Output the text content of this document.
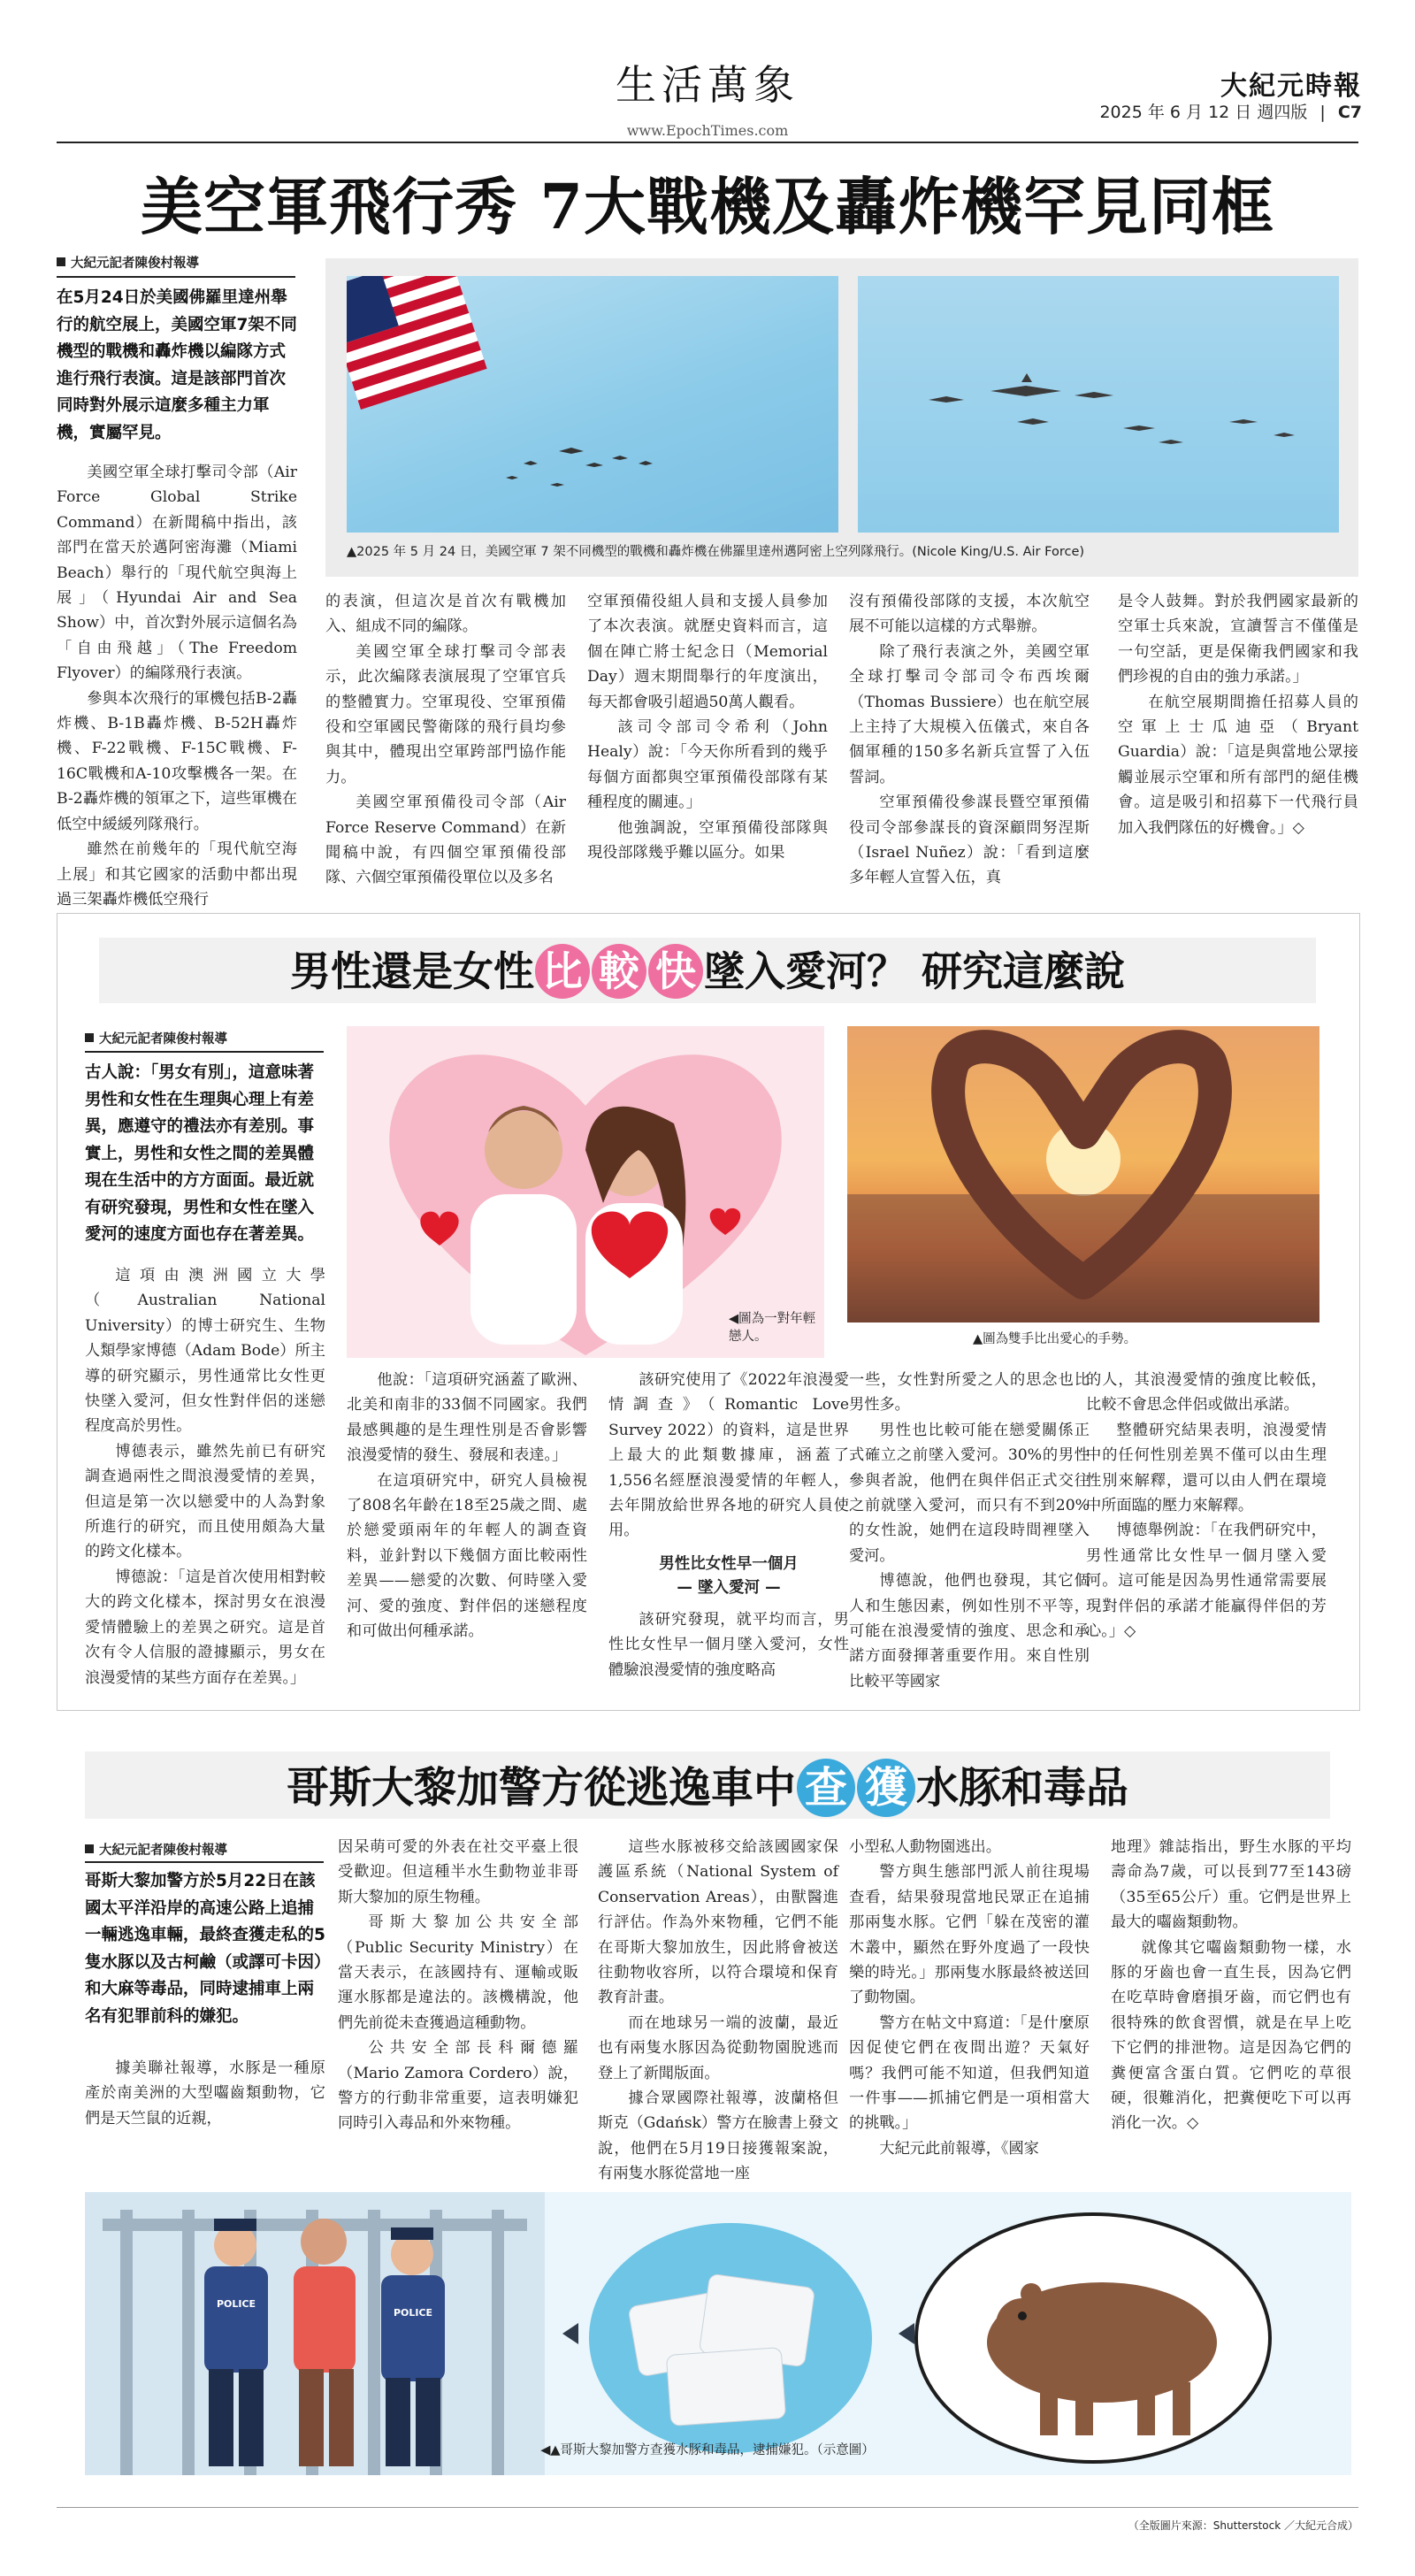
生活萬象
www.EpochTimes.com
大紀元時報
2025 年 6 月 12 日 週四版 | C7
美空軍飛行秀 7大戰機及轟炸機罕見同框
大紀元記者陳俊村報導
在5月24日於美國佛羅里達州舉行的航空展上，美國空軍7架不同機型的戰機和轟炸機以編隊方式進行飛行表演。這是該部門首次同時對外展示這麼多種主力軍機，實屬罕見。
▲2025 年 5 月 24 日，美國空軍 7 架不同機型的戰機和轟炸機在佛羅里達州邁阿密上空列隊飛行。(Nicole King/U.S. Air Force)

美國空軍全球打擊司令部（Air Force Global Strike Command）在新聞稿中指出，該部門在當天於邁阿密海灘（Miami Beach）舉行的「現代航空與海上展」（Hyundai Air and Sea Show）中，首次對外展示這個名為「自由飛越」（The Freedom Flyover）的編隊飛行表演。

參與本次飛行的軍機包括B-2轟炸機、B-1B轟炸機、B-52H轟炸機、F-22戰機、F-15C戰機、F-16C戰機和A-10攻擊機各一架。在B-2轟炸機的領軍之下，這些軍機在低空中緩緩列隊飛行。

雖然在前幾年的「現代航空海上展」和其它國家的活動中都出現過三架轟炸機低空飛行

的表演，但這次是首次有戰機加入、組成不同的編隊。

美國空軍全球打擊司令部表示，此次編隊表演展現了空軍官兵的整體實力。空軍現役、空軍預備役和空軍國民警衛隊的飛行員均參與其中，體現出空軍跨部門協作能力。

美國空軍預備役司令部（Air Force Reserve Command）在新聞稿中說，有四個空軍預備役部隊、六個空軍預備役單位以及多名

空軍預備役組人員和支援人員參加了本次表演。就歷史資料而言，這個在陣亡將士紀念日（Memorial Day）週末期間舉行的年度演出，每天都會吸引超過50萬人觀看。

該司令部司令希利（John Healy）說：「今天你所看到的幾乎每個方面都與空軍預備役部隊有某種程度的關連。」

他強調說，空軍預備役部隊與現役部隊幾乎難以區分。如果

沒有預備役部隊的支援，本次航空展不可能以這樣的方式舉辦。

除了飛行表演之外，美國空軍全球打擊司令部司令布西埃爾（Thomas Bussiere）也在航空展上主持了大規模入伍儀式，來自各個軍種的150多名新兵宣誓了入伍誓詞。

空軍預備役參謀長暨空軍預備役司令部參謀長的資深顧問努涅斯（Israel Nuñez）說：「看到這麼多年輕人宣誓入伍，真

是令人鼓舞。對於我們國家最新的空軍士兵來說，宣讀誓言不僅僅是一句空話，更是保衛我們國家和我們珍視的自由的強力承諾。」

在航空展期間擔任招募人員的空軍上士瓜迪亞（Bryant Guardia）說：「這是與當地公眾接觸並展示空軍和所有部門的絕佳機會。這是吸引和招募下一代飛行員加入我們隊伍的好機會。」◇

男性還是女性 比 較 快 墜入愛河？ 研究這麼說
大紀元記者陳俊村報導
古人說：「男女有別」，這意味著男性和女性在生理與心理上有差異，應遵守的禮法亦有差別。事實上，男性和女性之間的差異體現在生活中的方方面面。最近就有研究發現，男性和女性在墜入愛河的速度方面也存在著差異。
◀圖為一對年輕戀人。	▲圖為雙手比出愛心的手勢。

這項由澳洲國立大學（Australian National University）的博士研究生、生物人類學家博德（Adam Bode）所主導的研究顯示，男性通常比女性更快墜入愛河，但女性對伴侶的迷戀程度高於男性。

博德表示，雖然先前已有研究調查過兩性之間浪漫愛情的差異，但這是第一次以戀愛中的人為對象所進行的研究，而且使用頗為大量的跨文化樣本。

博德說：「這是首次使用相對較大的跨文化樣本，探討男女在浪漫愛情體驗上的差異之研究。這是首次有令人信服的證據顯示，男女在浪漫愛情的某些方面存在差異。」

他說：「這項研究涵蓋了歐洲、北美和南非的33個不同國家。我們最感興趣的是生理性別是否會影響浪漫愛情的發生、發展和表達。」

在這項研究中，研究人員檢視了808名年齡在18至25歲之間、處於戀愛頭兩年的年輕人的調查資料，並針對以下幾個方面比較兩性差異——戀愛的次數、何時墜入愛河、愛的強度、對伴侶的迷戀程度和可做出何種承諾。

該研究使用了《2022年浪漫愛情調查》（Romantic Love Survey 2022）的資料，這是世界上最大的此類數據庫，涵蓋了1,556名經歷浪漫愛情的年輕人，去年開放給世界各地的研究人員使用。

男性比女性早一個月
— 墜入愛河 —

該研究發現，就平均而言，男性比女性早一個月墜入愛河，女性體驗浪漫愛情的強度略高

一些，女性對所愛之人的思念也比男性多。

男性也比較可能在戀愛關係正式確立之前墜入愛河。30%的男性參與者說，他們在與伴侶正式交往之前就墜入愛河，而只有不到20%的女性說，她們在這段時間裡墜入愛河。

博德說，他們也發現，其它個人和生態因素，例如性別不平等，可能在浪漫愛情的強度、思念和承諾方面發揮著重要作用。來自性別比較平等國家

的人，其浪漫愛情的強度比較低，比較不會思念伴侶或做出承諾。

整體研究結果表明，浪漫愛情中的任何性別差異不僅可以由生理性別來解釋，還可以由人們在環境中所面臨的壓力來解釋。

博德舉例說：「在我們研究中，男性通常比女性早一個月墜入愛河。這可能是因為男性通常需要展現對伴侶的承諾才能贏得伴侶的芳心。」◇

哥斯大黎加警方從逃逸車中 查 獲 水豚和毒品
大紀元記者陳俊村報導
哥斯大黎加警方於5月22日在該國太平洋沿岸的高速公路上追捕一輛逃逸車輛，最終查獲走私的5隻水豚以及古柯鹼（或譯可卡因）和大麻等毒品，同時逮捕車上兩名有犯罪前科的嫌犯。

據美聯社報導，水豚是一種原產於南美洲的大型囓齒類動物，它們是天竺鼠的近親，

因呆萌可愛的外表在社交平臺上很受歡迎。但這種半水生動物並非哥斯大黎加的原生物種。

哥斯大黎加公共安全部（Public Security Ministry）在當天表示，在該國持有、運輸或販運水豚都是違法的。該機構說，他們先前從未查獲過這種動物。

公共安全部長科爾德羅（Mario Zamora Cordero）說，警方的行動非常重要，這表明嫌犯同時引入毒品和外來物種。

這些水豚被移交給該國國家保護區系統（National System of Conservation Areas），由獸醫進行評估。作為外來物種，它們不能在哥斯大黎加放生，因此將會被送往動物收容所，以符合環境和保育教育計畫。

而在地球另一端的波蘭，最近也有兩隻水豚因為從動物園脫逃而登上了新聞版面。

據合眾國際社報導，波蘭格但斯克（Gdańsk）警方在臉書上發文說，他們在5月19日接獲報案說，有兩隻水豚從當地一座

小型私人動物園逃出。

警方與生態部門派人前往現場查看，結果發現當地民眾正在追捕那兩隻水豚。它們「躲在茂密的灌木叢中，顯然在野外度過了一段快樂的時光。」那兩隻水豚最終被送回了動物園。

警方在帖文中寫道：「是什麼原因促使它們在夜間出遊？天氣好嗎？我們可能不知道，但我們知道一件事——抓捕它們是一項相當大的挑戰。」

大紀元此前報導，《國家

地理》雜誌指出，野生水豚的平均壽命為7歲，可以長到77至143磅（35至65公斤）重。它們是世界上最大的囓齒類動物。

就像其它囓齒類動物一樣，水豚的牙齒也會一直生長，因為它們在吃草時會磨損牙齒，而它們也有很特殊的飲食習慣，就是在早上吃下它們的排泄物。這是因為它們的糞便富含蛋白質。它們吃的草很硬，很難消化，把糞便吃下可以再消化一次。◇

POLICE
POLICE
◀▲哥斯大黎加警方查獲水豚和毒品，逮捕嫌犯。（示意圖）
（全版圖片來源：Shutterstock ／大紀元合成）
